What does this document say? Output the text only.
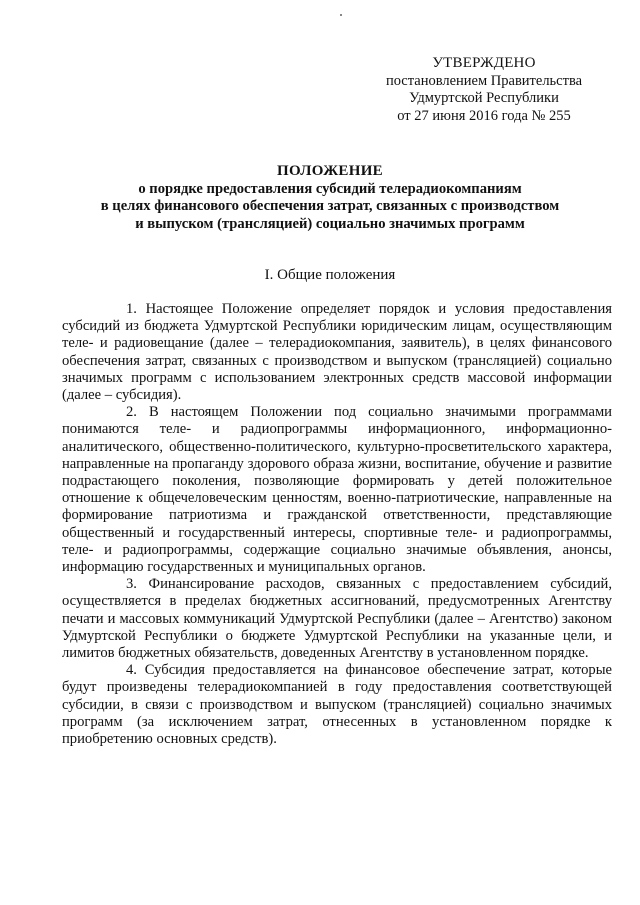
УТВЕРЖДЕНО
постановлением Правительства
Удмуртской Республики
от 27 июня 2016 года № 255
ПОЛОЖЕНИЕ
о порядке предоставления субсидий телерадиокомпаниям
в целях финансового обеспечения затрат, связанных с производством
и выпуском (трансляцией) социально значимых программ
I. Общие положения

1. Настоящее Положение определяет порядок и условия предоставления субсидий из бюджета Удмуртской Республики юридическим лицам, осуществляющим теле- и радиовещание (далее – телерадиокомпания, заявитель), в целях финансового обеспечения затрат, связанных с производством и выпуском (трансляцией) социально значимых программ с использованием электронных средств массовой информации (далее – субсидия).

2. В настоящем Положении под социально значимыми программами понимаются теле- и радиопрограммы информационного, информационно-аналитического, общественно-политического, культурно-просветительского характера, направленные на пропаганду здорового образа жизни, воспитание, обучение и развитие подрастающего поколения, позволяющие формировать у детей положительное отношение к общечеловеческим ценностям, военно-патриотические, направленные на формирование патриотизма и гражданской ответственности, представляющие общественный и государственный интересы, спортивные теле- и радиопрограммы, теле- и радиопрограммы, содержащие социально значимые объявления, анонсы, информацию государственных и муниципальных органов.

3. Финансирование расходов, связанных с предоставлением субсидий, осуществляется в пределах бюджетных ассигнований, предусмотренных Агентству печати и массовых коммуникаций Удмуртской Республики (далее – Агентство) законом Удмуртской Республики о бюджете Удмуртской Республики на указанные цели, и лимитов бюджетных обязательств, доведенных Агентству в установленном порядке.

4. Субсидия предоставляется на финансовое обеспечение затрат, которые будут произведены телерадиокомпанией в году предоставления соответствующей субсидии, в связи с производством и выпуском (трансляцией) социально значимых программ (за исключением затрат, отнесенных в установленном порядке к приобретению основных средств).
